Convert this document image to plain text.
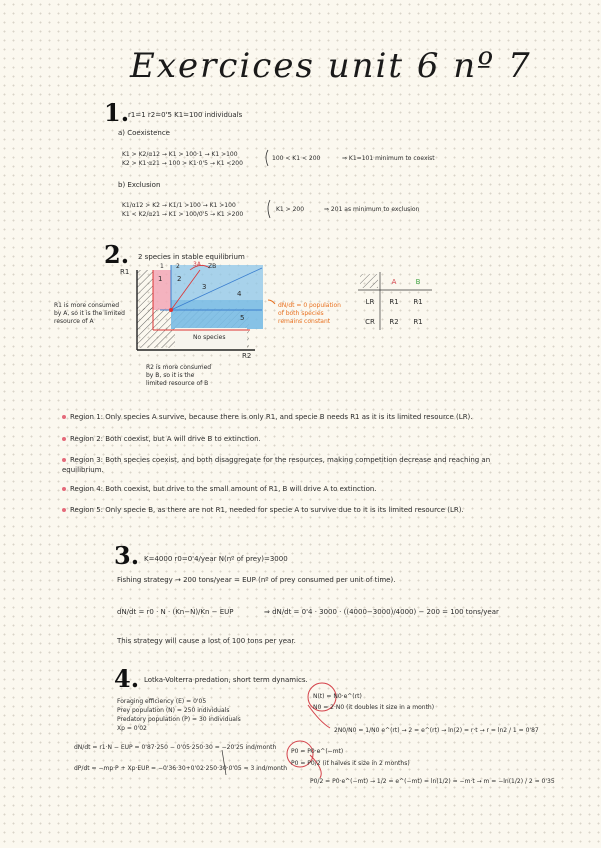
Exercices unit 6 nº 7
1.
r1=1 r2=0'5 K1=100 individuals
a) Coexistence
K1 > K2/α12 → K1 > 100·1 → K1 >100
K2 > K1·α21 → 100 > K1·0'5 → K1 <200
100 < K1 < 200	⇒ K1=101 minimum to coexist
b) Exclusion
K1/α12 > K2 → K1/1 >100 → K1 >100
K1 < K2/α21 → K1 > 100/0'5 → K1 >200
K1 > 200	⇒ 201 as minimum to exclusion
2. 2 species in stable equilibrium
R1
R2
1 2 3A ZB
1 2
3
4
5
No species
R1 is more consumed by A, so it is the limited resource of A
R2 is more consumed by B, so it is the limited resource of B
dN/dt = 0 population of both species remains constant
	A	B
LR	R1	R1
CR	R2	R1
Region 1: Only species A survive, because there is only R1, and specie B needs R1 as it is its limited resource (LR).
Region 2: Both coexist, but A will drive B to extinction.
Region 3: Both species coexist, and both disaggregate for the resources, making competition decrease and reaching an equilibrium.
Region 4: Both coexist, but drive to the small amount of R1, B will drive A to extinction.
Region 5: Only specie B, as there are not R1, needed for specie A to survive due to it is its limited resource (LR).
3. K=4000 r0=0'4/year N(nº of prey)=3000
Fishing strategy → 200 tons/year = EUP (nº of prey consumed per unit of time).
dN/dt = r0 · N · (Kn−N)/Kn − EUP	⇒ dN/dt = 0'4 · 3000 · ((4000−3000)/4000) − 200 = 100 tons/year
This strategy will cause a lost of 100 tons per year.
4. Lotka-Volterra predation, short term dynamics.
Foraging efficiency (E) = 0'05
Prey population (N) = 250 individuals
Predatory population (P) = 30 individuals
Xp = 0'02
dN/dt = r1·N − EUP = 0'87·250 − 0'05·250·30 = −20'25 ind/month
dP/dt = −mp·P + Xp·EUP = −0'36·30+0'02·250·30·0'05 = 3 ind/month
N(t) = N0·e^(rt)
N0 = 2·N0 (it doubles it size in a month)
2N0/N0 = 1/N0 e^(rt) → 2 = e^(rt) → ln(2) = r·t → r = ln2 / 1 = 0'87
P0 = P0·e^(−mt)
P0 = P0/2 (it halves it size in 2 months)
P0/2 = P0·e^(−mt) → 1/2 = e^(−mt) = ln(1/2) = −m·t → m = −ln(1/2) / 2 = 0'35
